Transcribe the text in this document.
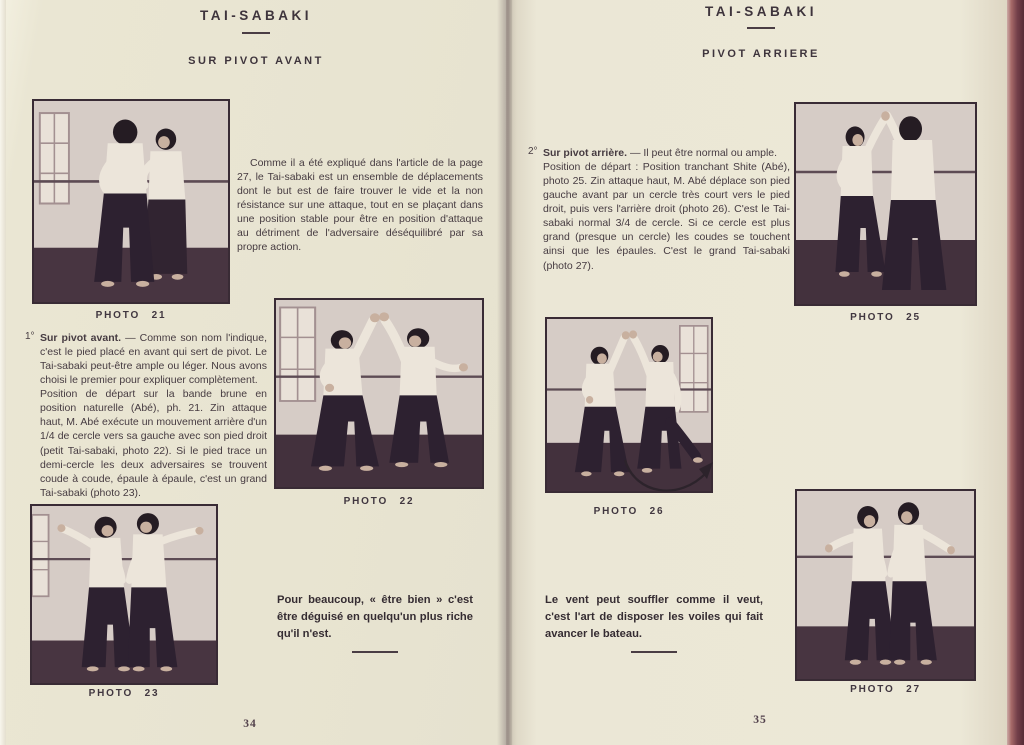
TAI-SABAKI
SUR PIVOT AVANT
PHOTO 21

Comme il a été expliqué dans l'article de la page 27, le Tai-sabaki est un ensemble de déplacements dont le but est de faire trouver le vide et la non résistance sur une attaque, tout en se plaçant dans une position stable pour être en position d'attaque au détriment de l'adversaire déséquilibré par sa propre action.

1° Sur pivot avant. — Comme son nom l'indique, c'est le pied placé en avant qui sert de pivot. Le Tai-sabaki peut-être ample ou léger. Nous avons choisi le premier pour expliquer complètement.

Position de départ sur la bande brune en position naturelle (Abé), ph. 21. Zin attaque haut, M. Abé exécute un mouvement arrière d'un 1/4 de cercle vers sa gauche avec son pied droit (petit Tai-sabaki, photo 22). Si le pied trace un demi-cercle les deux adversaires se trouvent coude à coude, épaule à épaule, c'est un grand Tai-sabaki (photo 23).

PHOTO 22
PHOTO 23

Pour beaucoup, « être bien » c'est être déguisé en quelqu'un plus riche qu'il n'est.

34
TAI-SABAKI
PIVOT ARRIERE
2° Sur pivot arrière. — Il peut être normal ou ample.

Position de départ : Position tranchant Shite (Abé), photo 25. Zin attaque haut, M. Abé déplace son pied gauche avant par un cercle très court vers le pied droit, puis vers l'arrière droit (photo 26). C'est le Tai-sabaki normal 3/4 de cercle. Si ce cercle est plus grand (presque un cercle) les coudes se touchent ainsi que les épaules. C'est le grand Tai-sabaki (photo 27).

PHOTO 25
PHOTO 26

Le vent peut souffler comme il veut, c'est l'art de disposer les voiles qui fait avancer le bateau.

PHOTO 27
35
